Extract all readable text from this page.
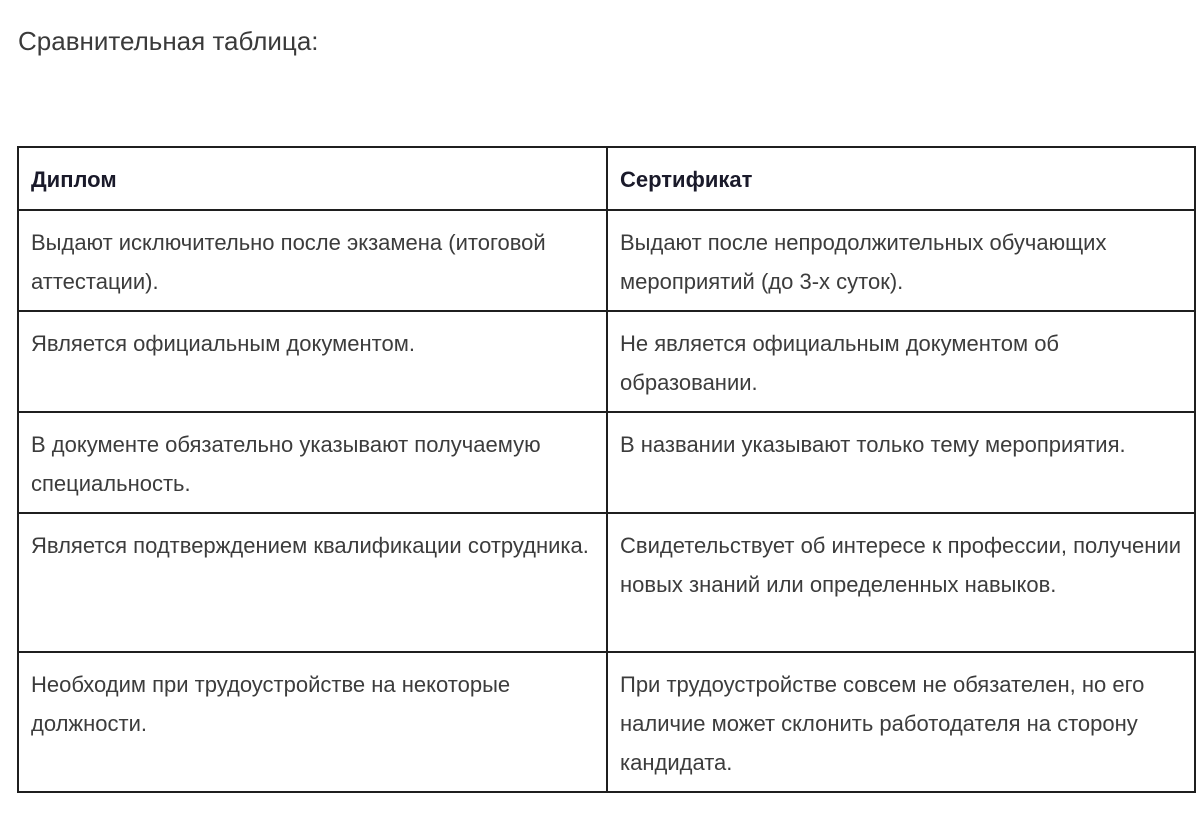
Сравнительная таблица:

Диплом	Сертификат
Выдают исключительно после экзамена (итоговой аттестации).	Выдают после непродолжительных обучающих мероприятий (до 3-х суток).
Является официальным документом.	Не является официальным документом об образовании.
В документе обязательно указывают получаемую специальность.	В названии указывают только тему мероприятия.
Является подтверждением квалификации сотрудника.	Свидетельствует об интересе к профессии, получении новых знаний или определенных навыков.
Необходим при трудоустройстве на некоторые должности.	При трудоустройстве совсем не обязателен, но его наличие может склонить работодателя на сторону кандидата.
